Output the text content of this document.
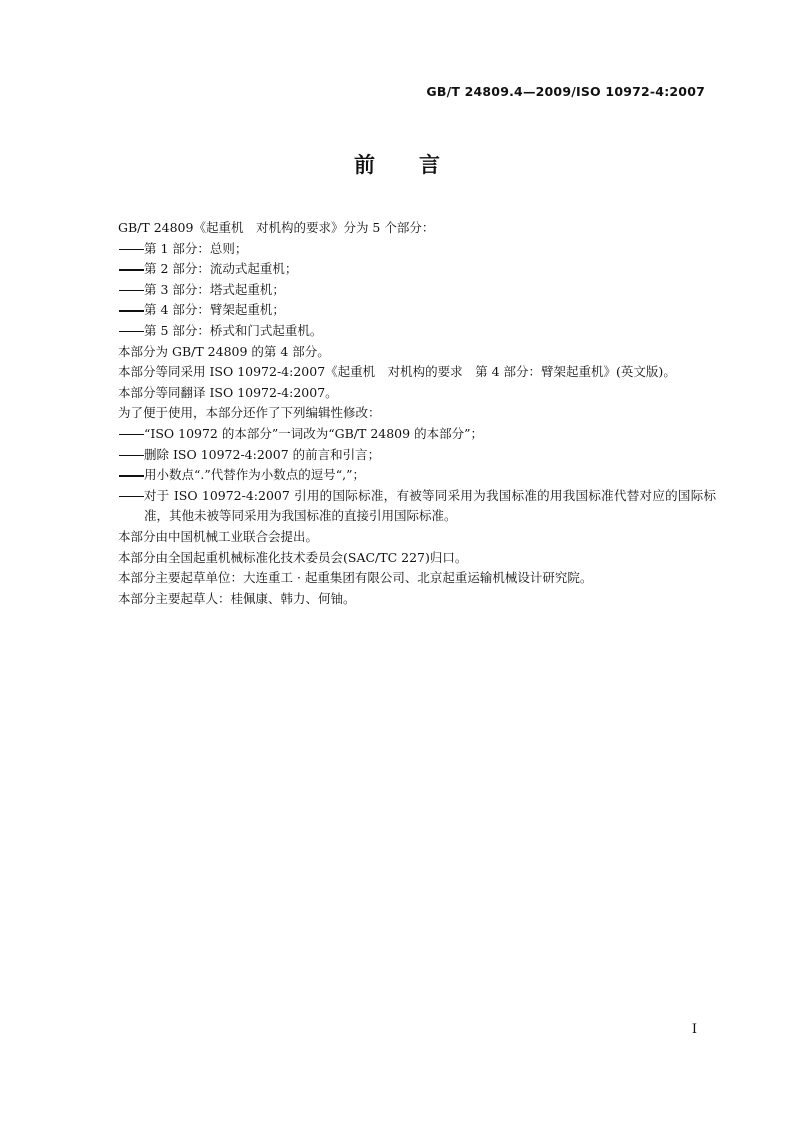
GB/T 24809.4—2009/ISO 10972-4:2007
前言
GB/T 24809《起重机　对机构的要求》分为 5 个部分：
第 1 部分：总则；
第 2 部分：流动式起重机；
第 3 部分：塔式起重机；
第 4 部分：臂架起重机；
第 5 部分：桥式和门式起重机。
本部分为 GB/T 24809 的第 4 部分。
本部分等同采用 ISO 10972-4:2007《起重机　对机构的要求　第 4 部分：臂架起重机》(英文版)。
本部分等同翻译 ISO 10972-4:2007。
为了便于使用，本部分还作了下列编辑性修改：
“ISO 10972 的本部分”一词改为“GB/T 24809 的本部分”；
删除 ISO 10972-4:2007 的前言和引言；
用小数点“.”代替作为小数点的逗号“,”；
对于 ISO 10972-4:2007 引用的国际标准，有被等同采用为我国标准的用我国标准代替对应的国际标准，其他未被等同采用为我国标准的直接引用国际标准。
本部分由中国机械工业联合会提出。
本部分由全国起重机械标准化技术委员会(SAC/TC 227)归口。
本部分主要起草单位：大连重工 · 起重集团有限公司、北京起重运输机械设计研究院。
本部分主要起草人：桂佩康、韩力、何铀。
I
